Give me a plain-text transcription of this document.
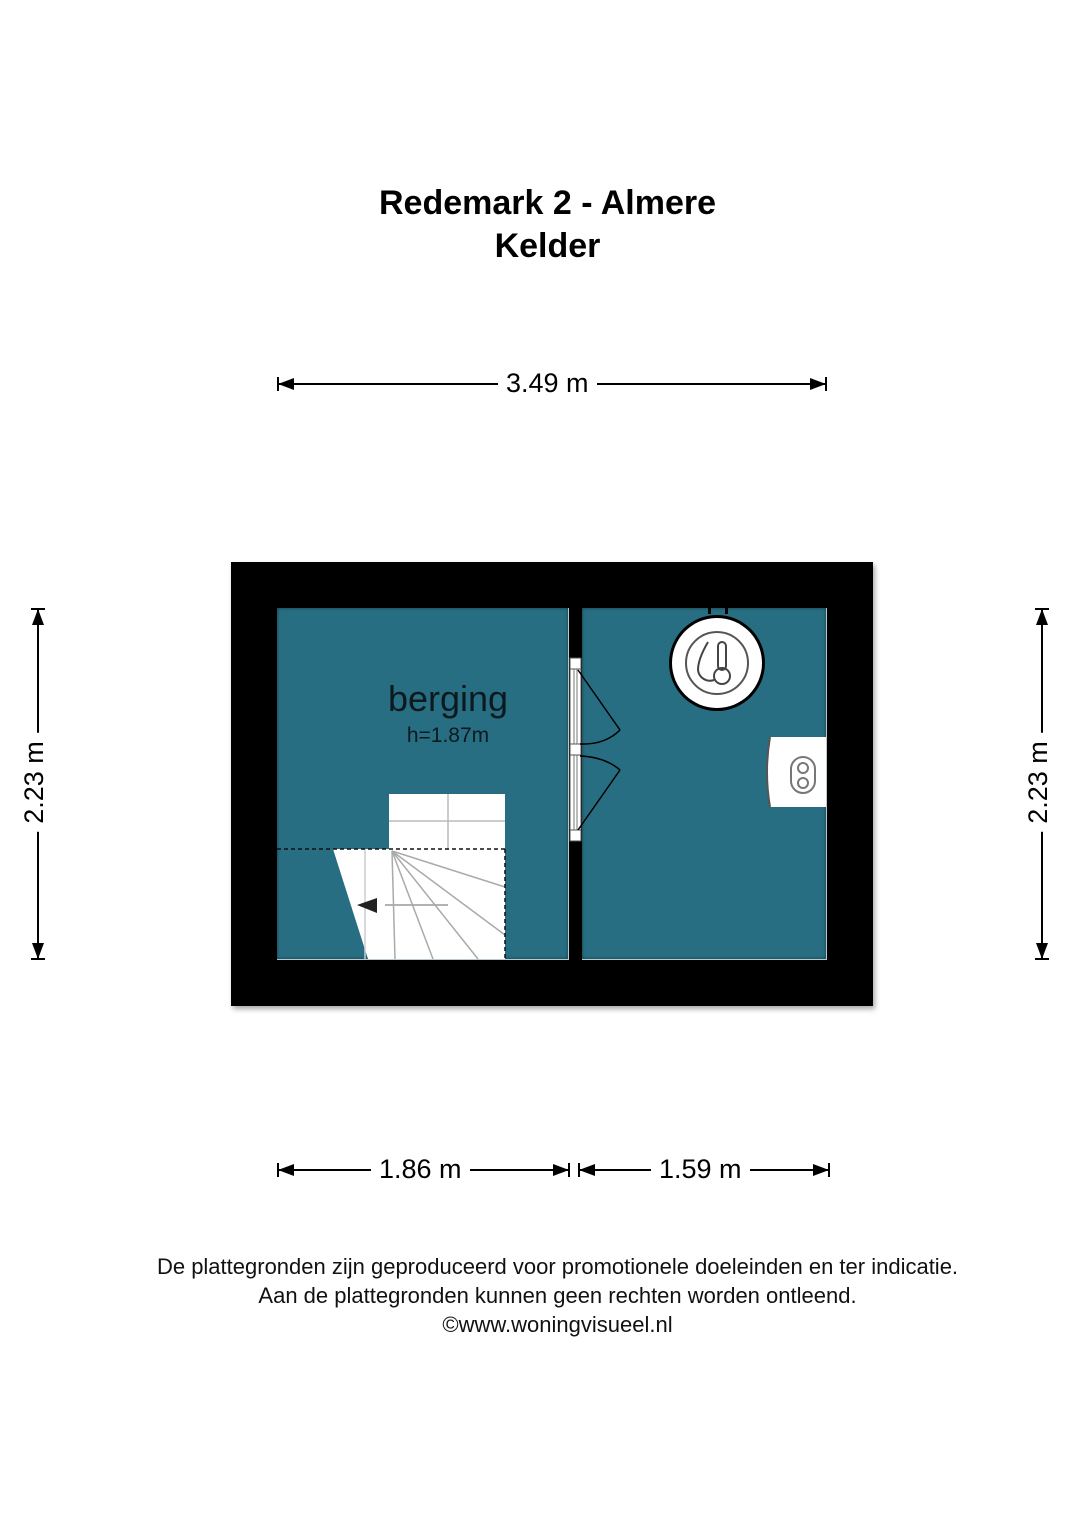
Redemark 2 - Almere
Kelder
3.49 m
2.23 m	2.23 m
1.86 m	1.59 m
berging
h=1.87m
De plattegronden zijn geproduceerd voor promotionele doeleinden en ter indicatie.
Aan de plattegronden kunnen geen rechten worden ontleend.
©www.woningvisueel.nl
